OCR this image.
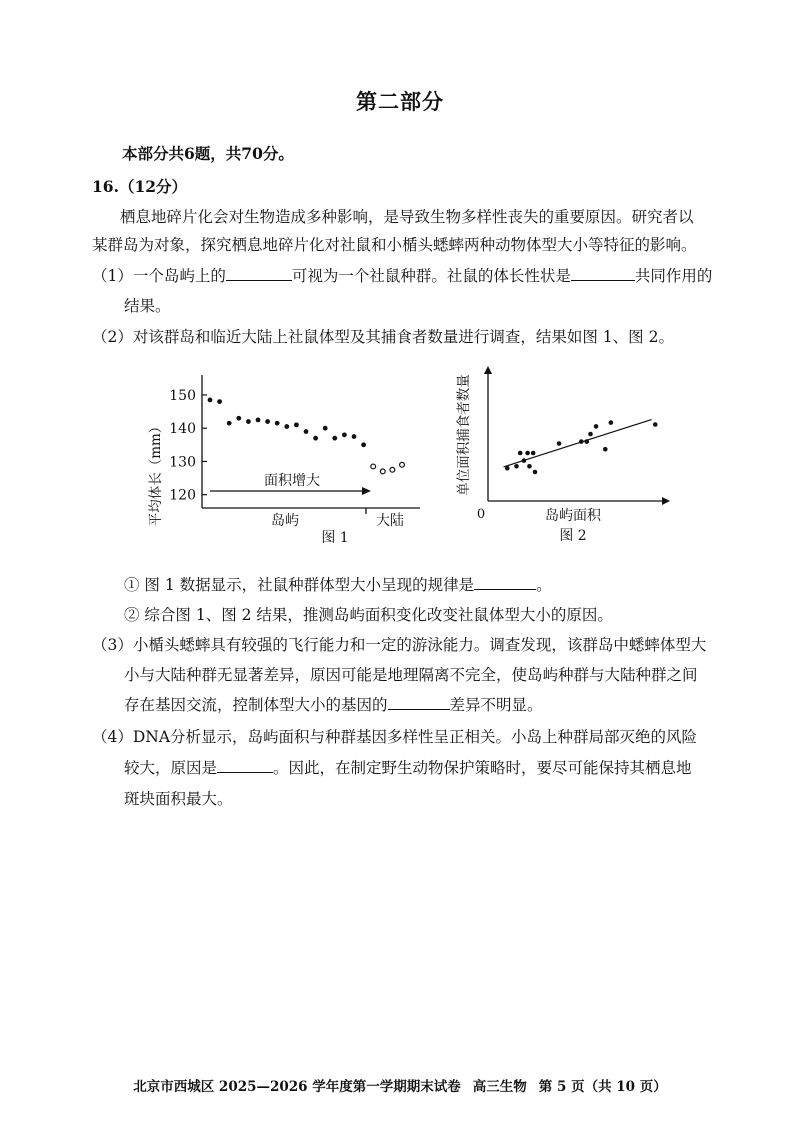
第二部分
本部分共6题，共70分。
16.（12分）
栖息地碎片化会对生物造成多种影响，是导致生物多样性丧失的重要原因。研究者以
某群岛为对象，探究栖息地碎片化对社鼠和小楯头蟋蟀两种动物体型大小等特征的影响。
（1）一个岛屿上的	可视为一个社鼠种群。社鼠的体长性状是	共同作用的
结果。
（2）对该群岛和临近大陆上社鼠体型及其捕食者数量进行调查，结果如图 1、图 2。
120
130
140
150
平均体长（mm）	面积增大
岛屿	大陆
图 1
单位面积捕食者数量
0	岛屿面积
图 2
① 图 1 数据显示，社鼠种群体型大小呈现的规律是	。
② 综合图 1、图 2 结果，推测岛屿面积变化改变社鼠体型大小的原因。
（3）小楯头蟋蟀具有较强的飞行能力和一定的游泳能力。调查发现，该群岛中蟋蟀体型大
小与大陆种群无显著差异，原因可能是地理隔离不完全，使岛屿种群与大陆种群之间
存在基因交流，控制体型大小的基因的	差异不明显。
（4）DNA分析显示，岛屿面积与种群基因多样性呈正相关。小岛上种群局部灭绝的风险
较大，原因是	。因此，在制定野生动物保护策略时，要尽可能保持其栖息地
斑块面积最大。
北京市西城区 2025—2026 学年度第一学期期末试卷 高三生物 第 5 页（共 10 页）
